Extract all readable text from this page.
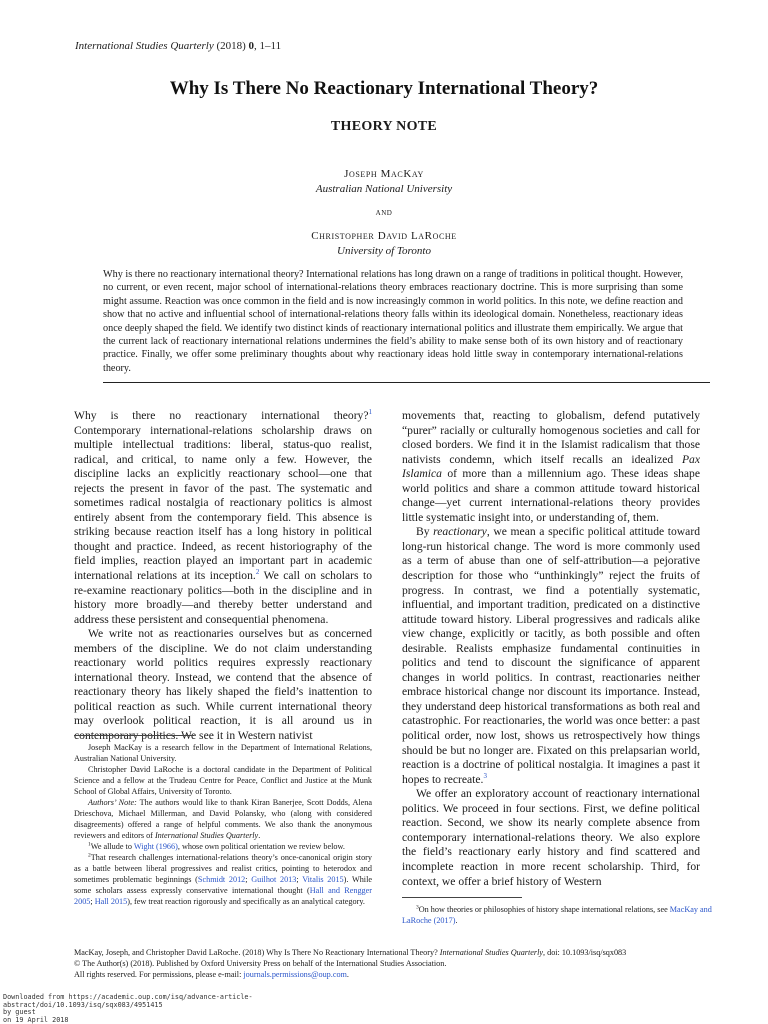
International Studies Quarterly (2018) 0, 1–11
Why Is There No Reactionary International Theory?
THEORY NOTE
Joseph MacKay
Australian National University
AND
Christopher David LaRoche
University of Toronto
Why is there no reactionary international theory? International relations has long drawn on a range of traditions in political thought. However, no current, or even recent, major school of international-relations theory embraces reactionary doctrine. This is more surprising than some might assume. Reaction was once common in the field and is now increasingly common in world politics. In this note, we define reaction and show that no active and influential school of international-relations theory falls within its ideological domain. Nonetheless, reactionary ideas once deeply shaped the field. We identify two distinct kinds of reactionary international politics and illustrate them empirically. We argue that the current lack of reactionary international relations undermines the field’s ability to make sense both of its own history and of reactionary practice. Finally, we offer some preliminary thoughts about why reactionary ideas hold little sway in contemporary international-relations theory.

Why is there no reactionary international theory?$^1$ Contemporary international-relations scholarship draws on multiple intellectual traditions: liberal, status-quo realist, radical, and critical, to name only a few. However, the discipline lacks an explicitly reactionary school—one that rejects the present in favor of the past. The systematic and sometimes radical nostalgia of reactionary politics is almost entirely absent from the contemporary field. This absence is striking because reaction itself has a long history in political thought and practice. Indeed, as recent historiography of the field implies, reaction played an important part in academic international relations at its inception.$^2$ We call on scholars to re-examine reactionary politics—both in the discipline and in history more broadly—and thereby better understand and address these persistent and consequential phenomena.

We write not as reactionaries ourselves but as concerned members of the discipline. We do not claim understanding reactionary world politics requires expressly reactionary international theory. Instead, we contend that the absence of reactionary theory has likely shaped the field’s inattention to political reaction as such. While current international theory may overlook political reaction, it is all around us in contemporary politics. We see it in Western nativist

movements that, reacting to globalism, defend putatively “purer” racially or culturally homogenous societies and call for closed borders. We find it in the Islamist radicalism that those nativists condemn, which itself recalls an idealized Pax Islamica of more than a millennium ago. These ideas shape world politics and share a common attitude toward historical change—yet current international-relations theory provides little systematic insight into, or understanding of, them.

By reactionary, we mean a specific political attitude toward long-run historical change. The word is more commonly used as a term of abuse than one of self-attribution—a pejorative description for those who “unthinkingly” reject the fruits of progress. In contrast, we find a potentially systematic, influential, and important tradition, predicated on a distinctive attitude toward history. Liberal progressives and radicals alike view change, explicitly or tacitly, as both possible and often desirable. Realists emphasize fundamental continuities in politics and tend to discount the significance of apparent changes in world politics. In contrast, reactionaries neither embrace historical change nor discount its importance. Instead, they understand deep historical transformations as both real and catastrophic. For reactionaries, the world was once better: a past political order, now lost, shows us retrospectively how things should be but no longer are. Fixated on this prelapsarian world, reaction is a doctrine of political nostalgia. It imagines a past it hopes to recreate.$^3$

We offer an exploratory account of reactionary international politics. We proceed in four sections. First, we define political reaction. Second, we show its nearly complete absence from contemporary international-relations theory. We also explore the field’s reactionary early history and find scattered and incomplete reaction in more recent scholarship. Third, for context, we offer a brief history of Western

Joseph MacKay is a research fellow in the Department of International Relations, Australian National University.

Christopher David LaRoche is a doctoral candidate in the Department of Political Science and a fellow at the Trudeau Centre for Peace, Conflict and Justice at the Munk School of Global Affairs, University of Toronto.

Authors’ Note: The authors would like to thank Kiran Banerjee, Scott Dodds, Alena Drieschova, Michael Millerman, and David Polansky, who (along with considered disagreements) offered a range of helpful comments. We also thank the anonymous reviewers and editors of International Studies Quarterly.

$^1$We allude to Wight (1966), whose own political orientation we review below.

$^2$That research challenges international-relations theory’s once-canonical origin story as a battle between liberal progressives and realist critics, pointing to heterodox and sometimes problematic beginnings (Schmidt 2012; Guilhot 2013; Vitalis 2015). While some scholars assess expressly conservative international thought (Hall and Rengger 2005; Hall 2015), few treat reaction rigorously and specifically as an analytical category.

$^3$On how theories or philosophies of history shape international relations, see MacKay and LaRoche (2017).
MacKay, Joseph, and Christopher David LaRoche. (2018) Why Is There No Reactionary International Theory? International Studies Quarterly, doi: 10.1093/isq/sqx083
© The Author(s) (2018). Published by Oxford University Press on behalf of the International Studies Association.
All rights reserved. For permissions, please e-mail: journals.permissions@oup.com.
Downloaded from https://academic.oup.com/isq/advance-article-abstract/doi/10.1093/isq/sqx083/4951415
by guest
on 19 April 2018
